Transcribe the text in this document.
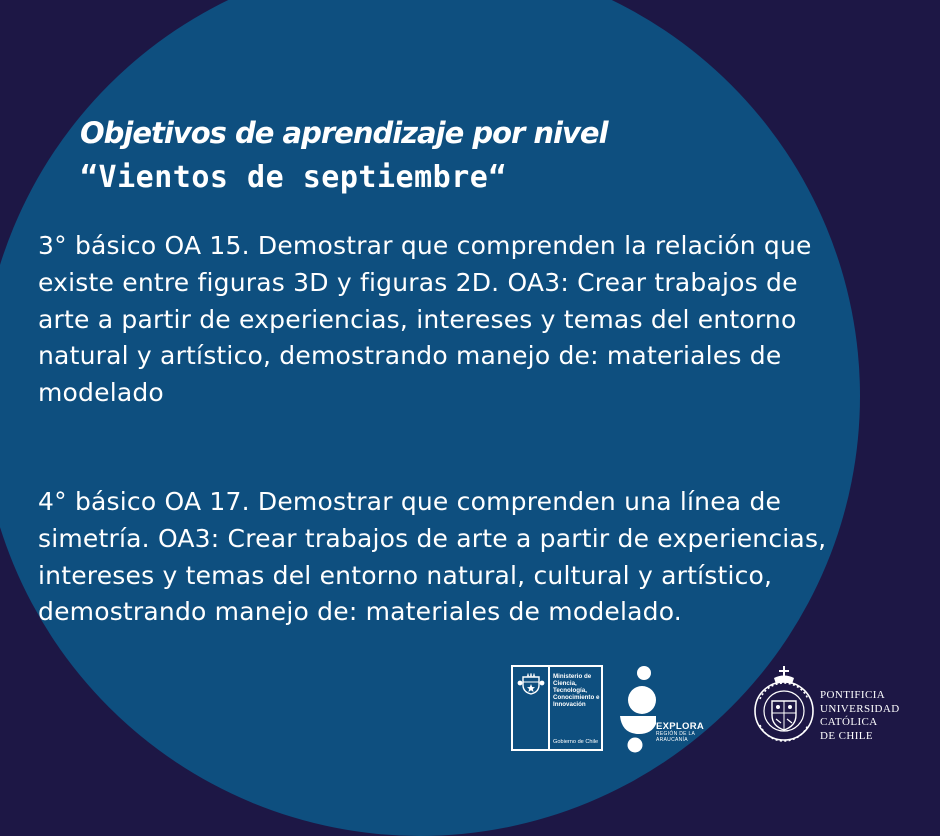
Objetivos de aprendizaje por nivel
“Vientos de septiembre“

3° básico OA 15. Demostrar que comprenden la relación que existe entre figuras 3D y figuras 2D. OA3: Crear trabajos de arte a partir de experiencias, intereses y temas del entorno natural y artístico, demostrando manejo de: materiales de modelado

4° básico OA 17. Demostrar que comprenden una línea de simetría. OA3: Crear trabajos de arte a partir de experiencias, intereses y temas del entorno natural, cultural y artístico, demostrando manejo de: materiales de modelado.

Ministerio de Ciencia, Tecnología, Conocimiento e Innovación
Gobierno de Chile
EXPLORA
REGIÓN DE LA ARAUCANÍA
PONTIFICIA
UNIVERSIDAD
CATÓLICA
DE CHILE
